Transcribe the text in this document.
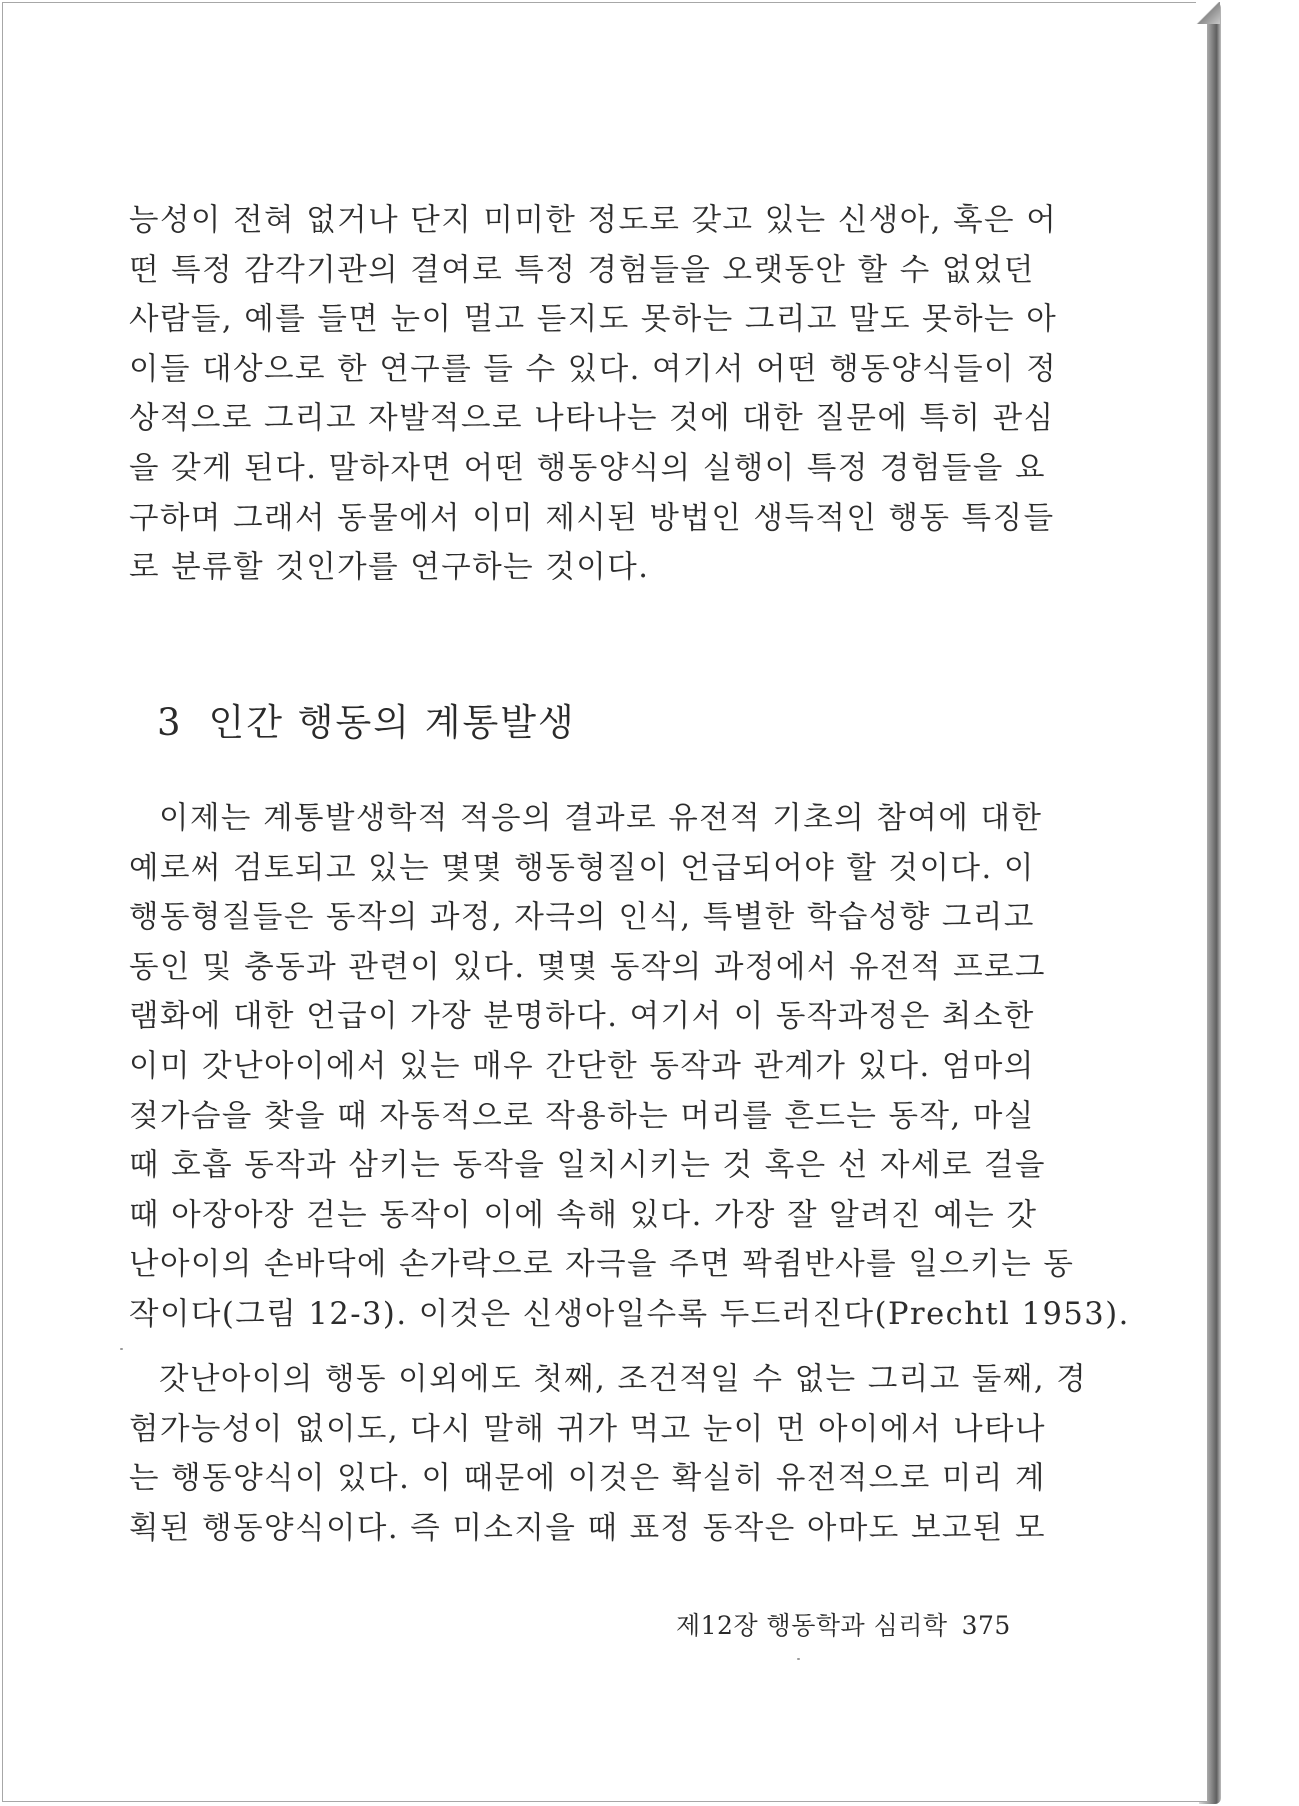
능성이 전혀 없거나 단지 미미한 정도로 갖고 있는 신생아, 혹은 어
떤 특정 감각기관의 결여로 특정 경험들을 오랫동안 할 수 없었던
사람들, 예를 들면 눈이 멀고 듣지도 못하는 그리고 말도 못하는 아
이들 대상으로 한 연구를 들 수 있다. 여기서 어떤 행동양식들이 정
상적으로 그리고 자발적으로 나타나는 것에 대한 질문에 특히 관심
을 갖게 된다. 말하자면 어떤 행동양식의 실행이 특정 경험들을 요
구하며 그래서 동물에서 이미 제시된 방법인 생득적인 행동 특징들
로 분류할 것인가를 연구하는 것이다.
3 인간 행동의 계통발생
이제는 계통발생학적 적응의 결과로 유전적 기초의 참여에 대한
예로써 검토되고 있는 몇몇 행동형질이 언급되어야 할 것이다. 이
행동형질들은 동작의 과정, 자극의 인식, 특별한 학습성향 그리고
동인 및 충동과 관련이 있다. 몇몇 동작의 과정에서 유전적 프로그
램화에 대한 언급이 가장 분명하다. 여기서 이 동작과정은 최소한
이미 갓난아이에서 있는 매우 간단한 동작과 관계가 있다. 엄마의
젖가슴을 찾을 때 자동적으로 작용하는 머리를 흔드는 동작, 마실
때 호흡 동작과 삼키는 동작을 일치시키는 것 혹은 선 자세로 걸을
때 아장아장 걷는 동작이 이에 속해 있다. 가장 잘 알려진 예는 갓
난아이의 손바닥에 손가락으로 자극을 주면 꽉쥠반사를 일으키는 동
작이다(그림 12-3). 이것은 신생아일수록 두드러진다(Prechtl 1953).
갓난아이의 행동 이외에도 첫째, 조건적일 수 없는 그리고 둘째, 경
험가능성이 없이도, 다시 말해 귀가 먹고 눈이 먼 아이에서 나타나
는 행동양식이 있다. 이 때문에 이것은 확실히 유전적으로 미리 계
획된 행동양식이다. 즉 미소지을 때 표정 동작은 아마도 보고된 모
제12장 행동학과 심리학 375
